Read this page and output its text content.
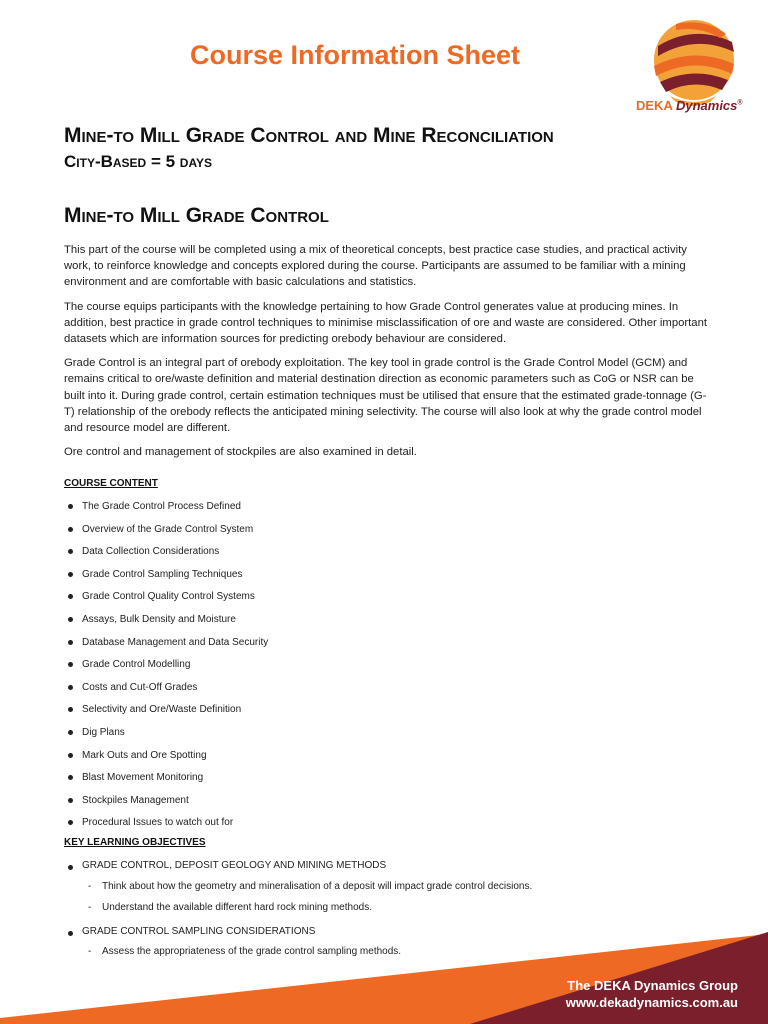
Course Information Sheet
DEKA Dynamics®
Mine-to Mill Grade Control and Mine Reconciliation
City-Based = 5 days
Mine-to Mill Grade Control

This part of the course will be completed using a mix of theoretical concepts, best practice case studies, and practical activity work, to reinforce knowledge and concepts explored during the course. Participants are assumed to be familiar with a mining environment and are comfortable with basic calculations and statistics.

The course equips participants with the knowledge pertaining to how Grade Control generates value at producing mines. In addition, best practice in grade control techniques to minimise misclassification of ore and waste are considered. Other important datasets which are information sources for predicting orebody behaviour are considered.

Grade Control is an integral part of orebody exploitation. The key tool in grade control is the Grade Control Model (GCM) and remains critical to ore/waste definition and material destination direction as economic parameters such as CoG or NSR can be built into it. During grade control, certain estimation techniques must be utilised that ensure that the estimated grade-tonnage (G-T) relationship of the orebody reflects the anticipated mining selectivity. The course will also look at why the grade control model and resource model are different.

Ore control and management of stockpiles are also examined in detail.

COURSE CONTENT
The Grade Control Process Defined
Overview of the Grade Control System
Data Collection Considerations
Grade Control Sampling Techniques
Grade Control Quality Control Systems
Assays, Bulk Density and Moisture
Database Management and Data Security
Grade Control Modelling
Costs and Cut-Off Grades
Selectivity and Ore/Waste Definition
Dig Plans
Mark Outs and Ore Spotting
Blast Movement Monitoring
Stockpiles Management
Procedural Issues to watch out for
KEY LEARNING OBJECTIVES
GRADE CONTROL, DEPOSIT GEOLOGY AND MINING METHODS
- Think about how the geometry and mineralisation of a deposit will impact grade control decisions.
- Understand the available different hard rock mining methods.
GRADE CONTROL SAMPLING CONSIDERATIONS
- Assess the appropriateness of the grade control sampling methods.
The DEKA Dynamics Group
www.dekadynamics.com.au
